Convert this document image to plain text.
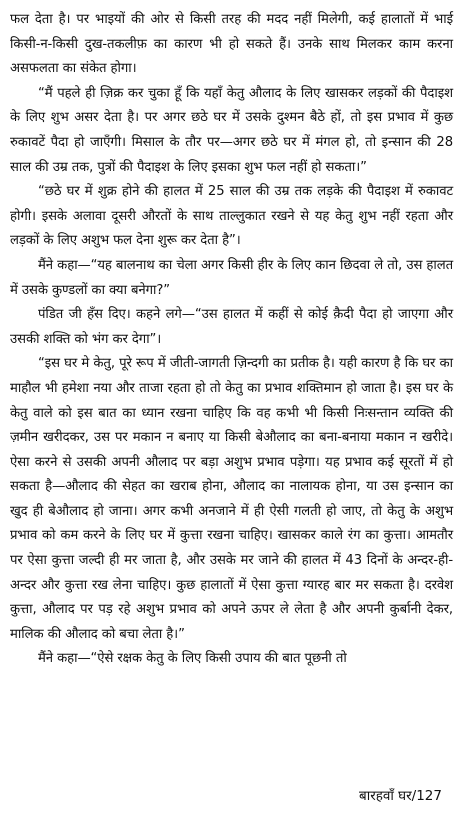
फल देता है। पर भाइयों की ओर से किसी तरह की मदद नहीं मिलेगी, कई हालातों में भाई किसी-न-किसी दुख-तकलीफ़ का कारण भी हो सकते हैं। उनके साथ मिलकर काम करना असफलता का संकेत होगा।

“मैं पहले ही ज़िक्र कर चुका हूँ कि यहाँ केतु औलाद के लिए खासकर लड़कों की पैदाइश के लिए शुभ असर देता है। पर अगर छठे घर में उसके दुश्मन बैठे हों, तो इस प्रभाव में कुछ रुकावटें पैदा हो जाएँगी। मिसाल के तौर पर—अगर छठे घर में मंगल हो, तो इन्सान की 28 साल की उम्र तक, पुत्रों की पैदाइश के लिए इसका शुभ फल नहीं हो सकता।”

“छठे घर में शुक्र होने की हालत में 25 साल की उम्र तक लड़के की पैदाइश में रुकावट होगी। इसके अलावा दूसरी औरतों के साथ ताल्लुकात रखने से यह केतु शुभ नहीं रहता और लड़कों के लिए अशुभ फल देना शुरू कर देता है”।

मैंने कहा—“यह बालनाथ का चेला अगर किसी हीर के लिए कान छिदवा ले तो, उस हालत में उसके कुण्डलों का क्या बनेगा?”

पंडित जी हँस दिए। कहने लगे—“उस हालत में कहीं से कोई क़ैदी पैदा हो जाएगा और उसकी शक्ति को भंग कर देगा”।

“इस घर मे केतु, पूरे रूप में जीती-जागती ज़िन्दगी का प्रतीक है। यही कारण है कि घर का माहौल भी हमेशा नया और ताजा रहता हो तो केतु का प्रभाव शक्तिमान हो जाता है। इस घर के केतु वाले को इस बात का ध्यान रखना चाहिए कि वह कभी भी किसी निःसन्तान व्यक्ति की ज़मीन खरीदकर, उस पर मकान न बनाए या किसी बेऔलाद का बना-बनाया मकान न खरीदे। ऐसा करने से उसकी अपनी औलाद पर बड़ा अशुभ प्रभाव पड़ेगा। यह प्रभाव कई सूरतों में हो सकता है—औलाद की सेहत का खराब होना, औलाद का नालायक होना, या उस इन्सान का खुद ही बेऔलाद हो जाना। अगर कभी अनजाने में ही ऐसी गलती हो जाए, तो केतु के अशुभ प्रभाव को कम करने के लिए घर में कुत्ता रखना चाहिए। खासकर काले रंग का कुत्ता। आमतौर पर ऐसा कुत्ता जल्दी ही मर जाता है, और उसके मर जाने की हालत में 43 दिनों के अन्दर-ही-अन्दर और कुत्ता रख लेना चाहिए। कुछ हालातों में ऐसा कुत्ता ग्यारह बार मर सकता है। दरवेश कुत्ता, औलाद पर पड़ रहे अशुभ प्रभाव को अपने ऊपर ले लेता है और अपनी कुर्बानी देकर, मालिक की औलाद को बचा लेता है।”

मैंने कहा—“ऐसे रक्षक केतु के लिए किसी उपाय की बात पूछनी तो

बारहवाँ घर/127
